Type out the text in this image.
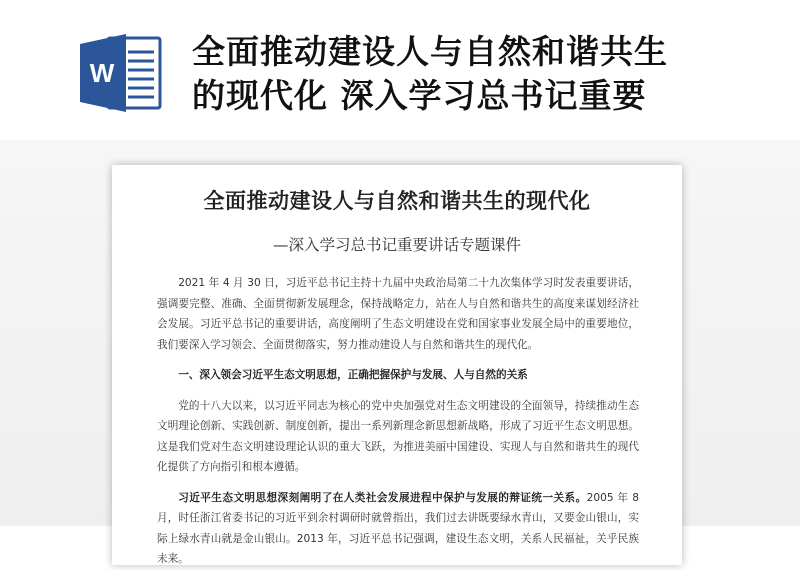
W
全面推动建设人与自然和谐共生
的现代化 深入学习总书记重要
全面推动建设人与自然和谐共生的现代化
—深入学习总书记重要讲话专题课件

2021 年 4 月 30 日，习近平总书记主持十九届中央政治局第二十九次集体学习时发表重要讲话，强调要完整、准确、全面贯彻新发展理念，保持战略定力，站在人与自然和谐共生的高度来谋划经济社会发展。习近平总书记的重要讲话，高度阐明了生态文明建设在党和国家事业发展全局中的重要地位，我们要深入学习领会、全面贯彻落实，努力推动建设人与自然和谐共生的现代化。

一、深入领会习近平生态文明思想，正确把握保护与发展、人与自然的关系

党的十八大以来，以习近平同志为核心的党中央加强党对生态文明建设的全面领导，持续推动生态文明理论创新、实践创新、制度创新，提出一系列新理念新思想新战略，形成了习近平生态文明思想。这是我们党对生态文明建设理论认识的重大飞跃，为推进美丽中国建设、实现人与自然和谐共生的现代化提供了方向指引和根本遵循。

习近平生态文明思想深刻阐明了在人类社会发展进程中保护与发展的辩证统一关系。2005 年 8 月，时任浙江省委书记的习近平到余村调研时就曾指出，我们过去讲既要绿水青山，又要金山银山，实际上绿水青山就是金山银山。2013 年，习近平总书记强调，建设生态文明，关系人民福祉，关乎民族未来。
